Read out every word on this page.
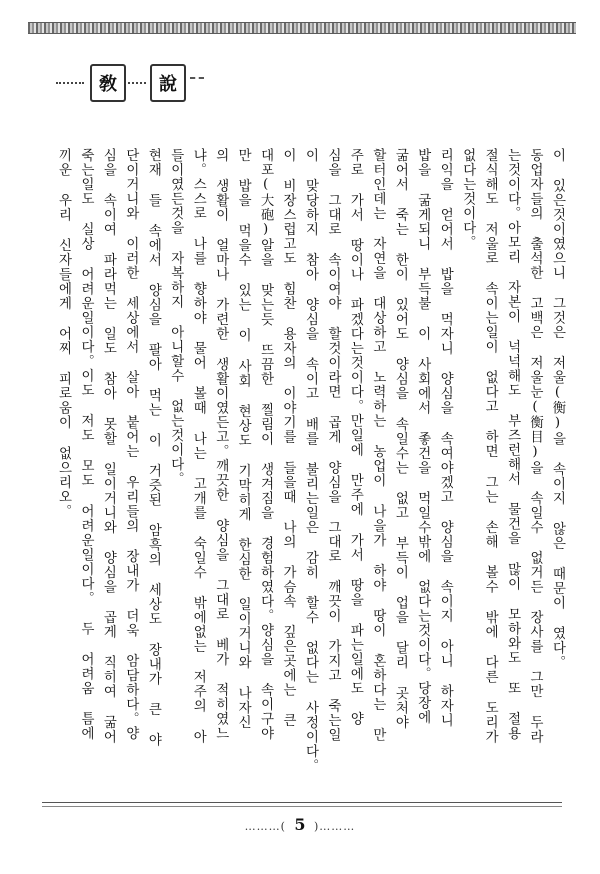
敎	說
이 있은것이였으니 그것은 저울(衡)을 속이지 않은 때문이 였다。
동업자들의 출석한 고백은 저울눈(衡目)을 속일수 없거든 장사를 그만 두라
는것이다。아모리 자본이 넉넉해도 부즈런해서 물건을 많이 모하와도 또 절용
절식해도 저울로 속이는일이 없다고 하면 그는 손해 볼수 밖에 다른 도리가
없다는것이다。
리익을 얻어서 밥을 먹자니 양심을 속여야겠고 양심을 속이지 아니 하자니
밥을 굶게되니 부득불 이 사회에서 좋건을 먹일수밖에 없다는것이다。당장에
굶어서 죽는 한이 있어도 양심을 속일수는 없고 부득이 업을 달리 곳처야
할터인데는 자연을 대상하고 노력하는 농업이 나을가 하야 땅이 혼하다는 만
주로 가서 땅이나 파겠다는것이다。만일에 만주에 가서 땅을 파는일에도 양
심을 그대로 속이여야 할것이라면 곱게 양심을 그대로 깨끗이 가지고 죽는일
이 맞당하지 참아 양심을 속이고 배를 불리는일은 감히 할수 없다는 사정이다。
이 비장스럽고도 힘찬 용자의 이야기를 들을때 나의 가슴속 깊은곳에는 큰
대포(大砲)알을 맞는듯 뜨끔한 찔림이 생겨짐을 경험하였다。양심을 속이구야
만 밥을 먹을수 있는 이 사회 현상도 기막히게 한심한 일이거니와 나자신
의 생활이 얼마나 가련한 생활이였든고。깨끗한 양심을 그대로 베가 적히였느
냐。스스로 나를 향하야 물어 볼때 나는 고개를 숙일수 밖에없는 저주의 아
들이였든것을 자복하지 아니할수 없는것이다。
현재 들 속에서 양심을 팔아 먹는 이 거즛된 암흑의 세상도 장내가 큰 야
단이거니와 이러한 세상에서 살아 붙어는 우리들의 장내가 더욱 암담하다。양
심을 속이여 파라먹는 일도 참아 못할 일이거니와 양심을 곱게 직히여 굶어
죽는일도 실상 어려운일이다。이도 저도 모도 어려운일이다。 두 어려움 틈에
끼운 우리 신자들에게 어찌 피로움이 없으리오。
………( 5 )………
